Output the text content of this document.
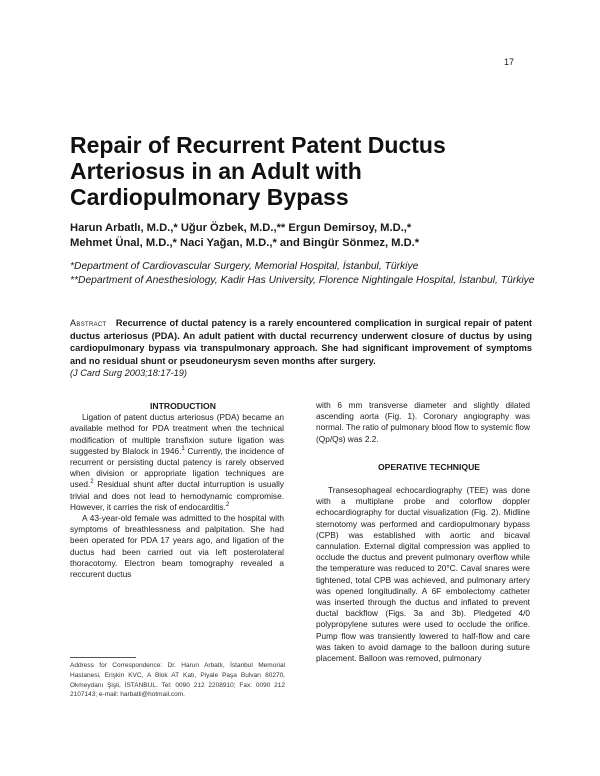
17
Repair of Recurrent Patent Ductus Arteriosus in an Adult with Cardiopulmonary Bypass
Harun Arbatlı, M.D.,* Uğur Özbek, M.D.,** Ergun Demirsoy, M.D.,*
Mehmet Ünal, M.D.,* Naci Yağan, M.D.,* and Bingür Sönmez, M.D.*
*Department of Cardiovascular Surgery, Memorial Hospital, İstanbul, Türkiye
**Department of Anesthesiology, Kadir Has University, Florence Nightingale Hospital, İstanbul, Türkiye
Abstract Recurrence of ductal patency is a rarely encountered complication in surgical repair of patent ductus arteriosus (PDA). An adult patient with ductal recurrency underwent closure of ductus by using cardiopulmonary bypass via transpulmonary approach. She had significant improvement of symptoms and no residual shunt or pseudoneurysm seven months after surgery.
(J Card Surg 2003;18:17-19)

INTRODUCTION

Ligation of patent ductus arteriosus (PDA) became an available method for PDA treatment when the technical modification of multiple transfixion suture ligation was suggested by Blalock in 1946.$^1$ Currently, the incidence of recurrent or persisting ductal patency is rarely observed when division or appropriate ligation techniques are used.$^2$ Residual shunt after ductal inturruption is usually trivial and does not lead to hemodynamic compromise. However, it carries the risk of endocarditis.$^2$

A 43-year-old female was admitted to the hospital with symptoms of breathlessness and palpitation. She had been operated for PDA 17 years ago, and ligation of the ductus had been carried out via left posterolateral thoracotomy. Electron beam tomography revealed a reccurent ductus

with 6 mm transverse diameter and slightly dilated ascending aorta (Fig. 1). Coronary angiography was normal. The ratio of pulmonary blood flow to systemic flow (Qp/Qs) was 2.2.

OPERATIVE TECHNIQUE

Transesophageal echocardiography (TEE) was done with a multiplane probe and colorflow doppler echocardiography for ductal visualization (Fig. 2). Midline sternotomy was performed and cardiopulmonary bypass (CPB) was established with aortic and bicaval cannulation. External digital compression was applied to occlude the ductus and prevent pulmonary overflow while the temperature was reduced to 20°C. Caval snares were tightened, total CPB was achieved, and pulmonary artery was opened longitudinally. A 6F embolectomy catheter was inserted through the ductus and inflated to prevent ductal backflow (Figs. 3a and 3b). Pledgeted 4/0 polypropylene sutures were used to occlude the orifice. Pump flow was transiently lowered to half-flow and care was taken to avoid damage to the balloon during suture placement. Balloon was removed, pulmonary

Address for Correspondence: Dr. Harun Arbatlı, İstanbul Memorial Hastanesi, Erişkin KVC, A Blok AT Katı, Piyale Paşa Bulvarı 80270, Okmeydanı Şişli, İSTANBUL. Tel: 0090 212 2208910; Fax: 0090 212 2107143; e-mail: harbatli@hotmail.com.
